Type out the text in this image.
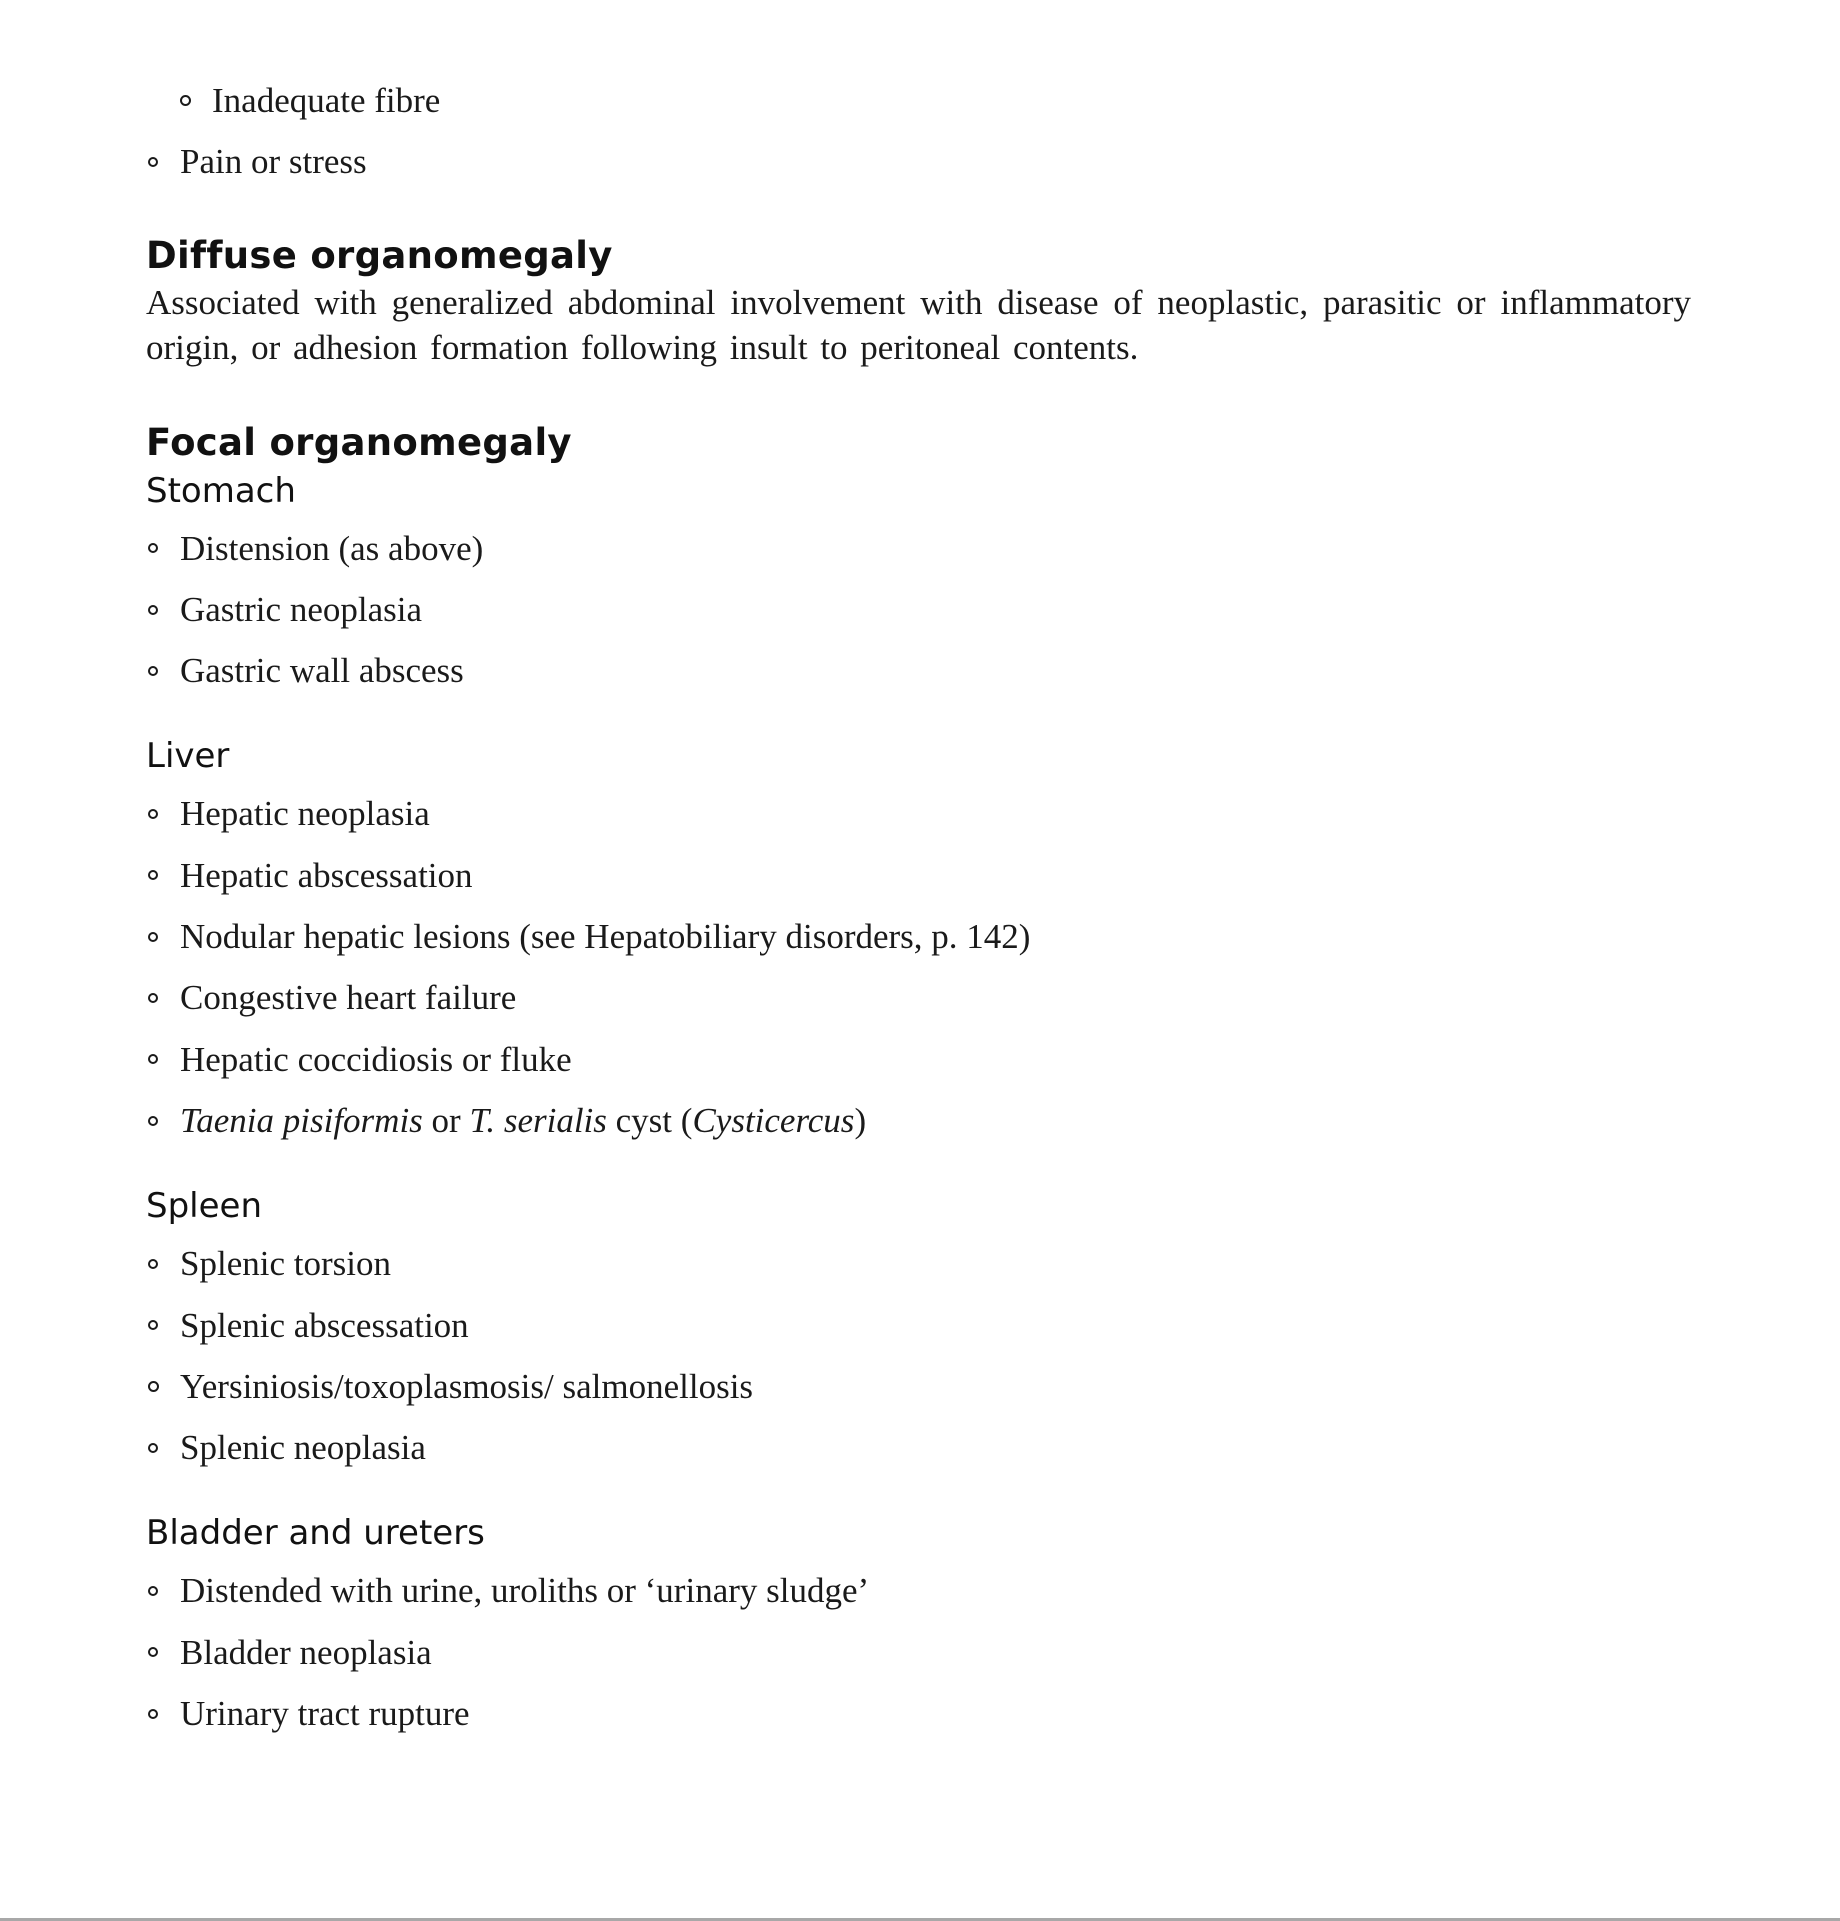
Inadequate fibre
Pain or stress
Diffuse organomegaly

Associated with generalized abdominal involvement with disease of neoplastic, parasitic or inflammatory origin, or adhesion formation following insult to peritoneal contents.

Focal organomegaly
Stomach
Distension (as above)
Gastric neoplasia
Gastric wall abscess
Liver
Hepatic neoplasia
Hepatic abscessation
Nodular hepatic lesions (see Hepatobiliary disorders, p. 142)
Congestive heart failure
Hepatic coccidiosis or fluke
Taenia pisiformis or T. serialis cyst (Cysticercus)
Spleen
Splenic torsion
Splenic abscessation
Yersiniosis/toxoplasmosis/ salmonellosis
Splenic neoplasia
Bladder and ureters
Distended with urine, uroliths or ‘urinary sludge’
Bladder neoplasia
Urinary tract rupture
